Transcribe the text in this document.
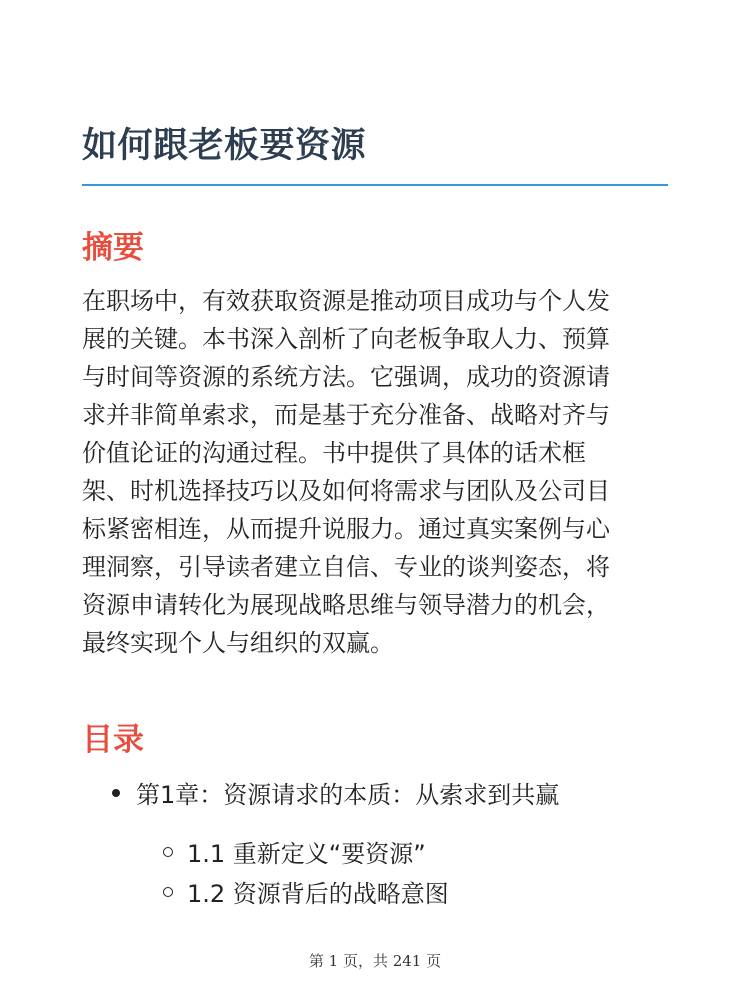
如何跟老板要资源
摘要

在职场中，有效获取资源是推动项目成功与个人发
展的关键。本书深入剖析了向老板争取人力、预算
与时间等资源的系统方法。它强调，成功的资源请
求并非简单索求，而是基于充分准备、战略对齐与
价值论证的沟通过程。书中提供了具体的话术框
架、时机选择技巧以及如何将需求与团队及公司目
标紧密相连，从而提升说服力。通过真实案例与心
理洞察，引导读者建立自信、专业的谈判姿态，将
资源申请转化为展现战略思维与领导潜力的机会，
最终实现个人与组织的双赢。

目录
第1章：资源请求的本质：从索求到共赢
1.1 重新定义“要资源”
1.2 资源背后的战略意图
第 1 页，共 241 页
